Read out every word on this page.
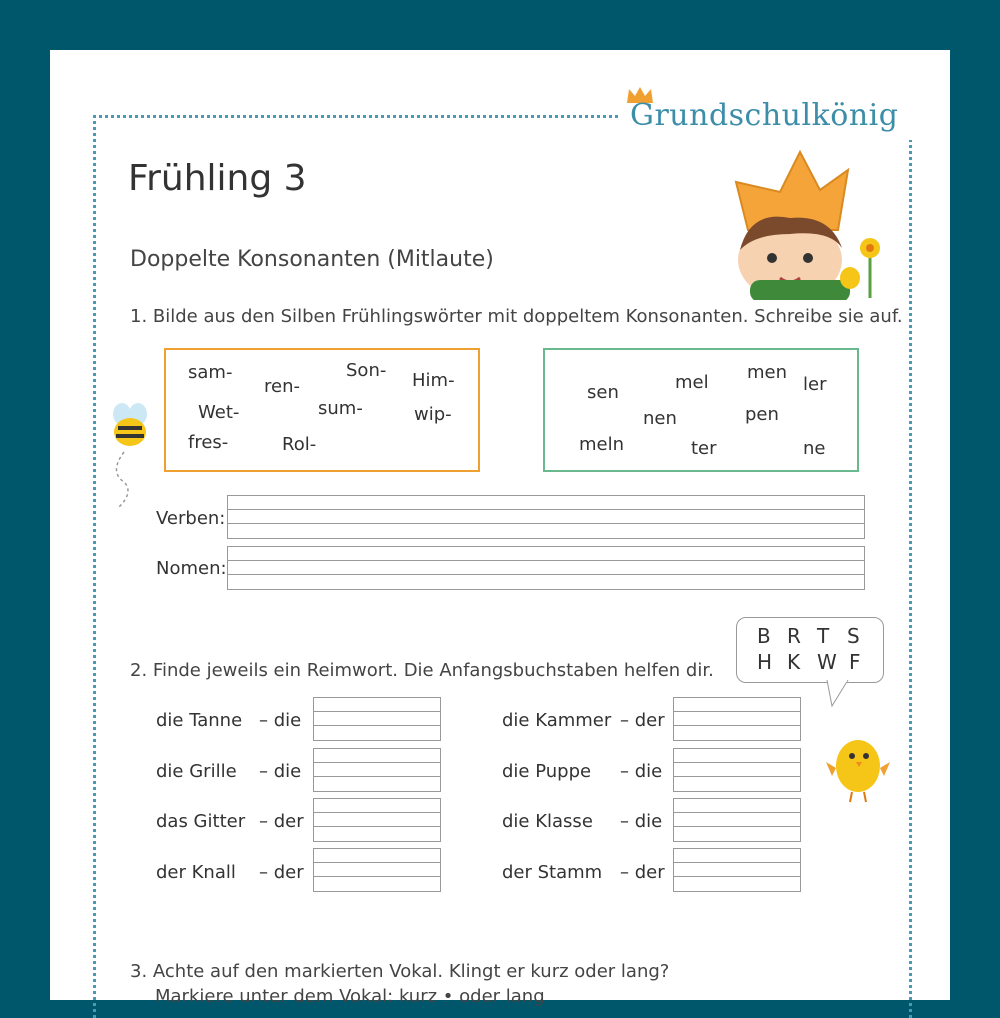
Grundschulkönig
Frühling 3
Doppelte Konsonanten (Mitlaute)
1. Bilde aus den Silben Frühlingswörter mit doppeltem Konsonanten. Schreibe sie auf.
sam-
ren-
Son- Him-
Wet-	sum-	wip-
fres-	Rol-
sen	mel men
ler
nen	pen
meln	ter	ne
Verben:
Nomen:
B R T S
H K W F
2. Finde jeweils ein Reimwort. Die Anfangsbuchstaben helfen dir.
die Tanne – die
die Grille – die
das Gitter – der
der Knall – der
die Kammer – der
die Puppe – die
die Klasse – die
der Stamm – der
3. Achte auf den markierten Vokal. Klingt er kurz oder lang?
Markiere unter dem Vokal: kurz • oder lang
